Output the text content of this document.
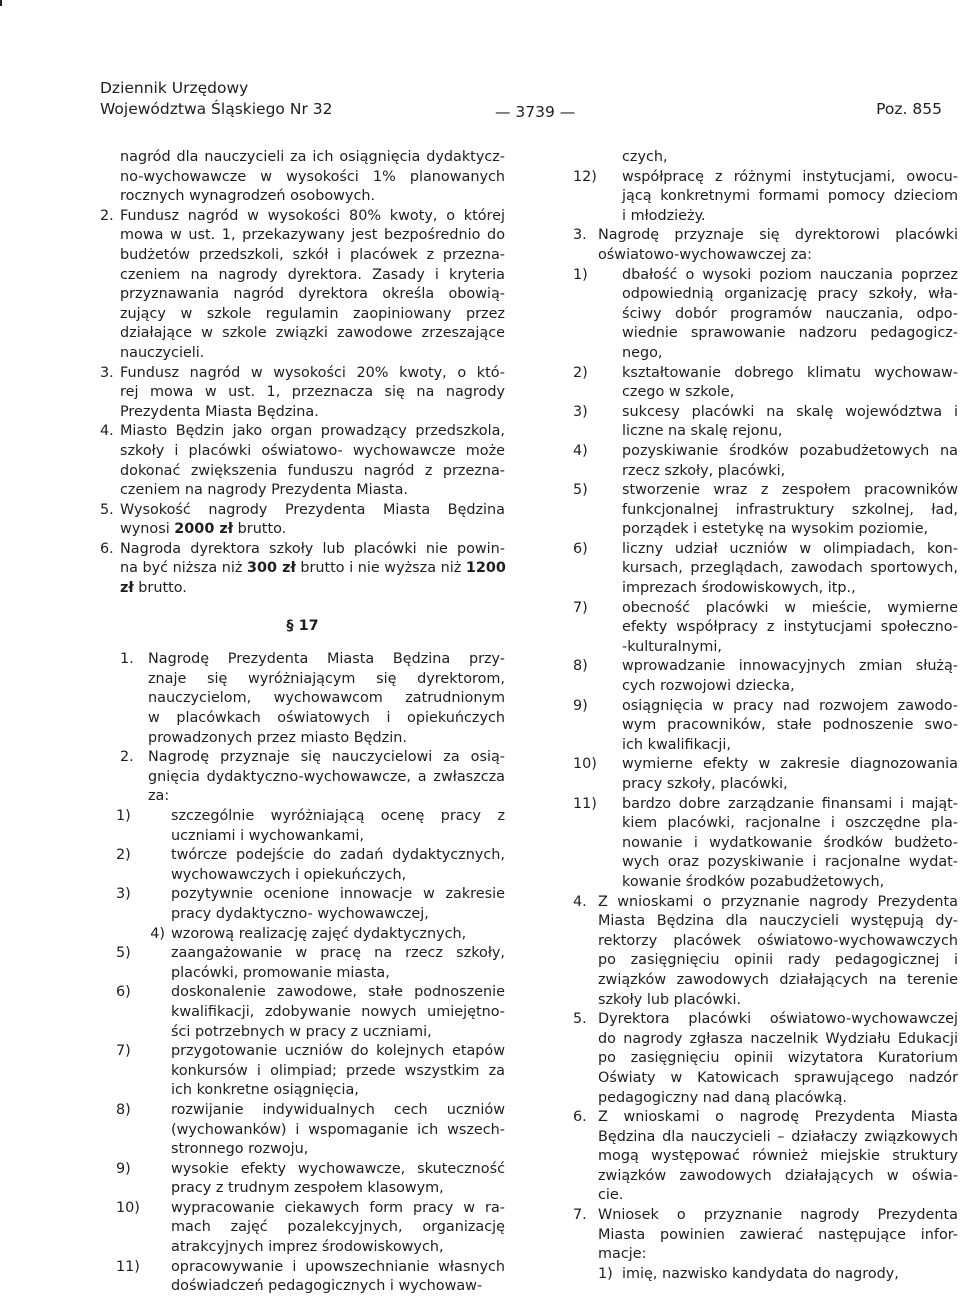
Dziennik Urzędowy
Województwa Śląskiego Nr 32	— 3739 —	Poz. 855
nagród dla nauczycieli za ich osiągnięcia dydaktycz-
no-wychowawcze w wysokości 1% planowanych
rocznych wynagrodzeń osobowych.
2. Fundusz nagród w wysokości 80% kwoty, o której
mowa w ust. 1, przekazywany jest bezpośrednio do
budżetów przedszkoli, szkół i placówek z przezna-
czeniem na nagrody dyrektora. Zasady i kryteria
przyznawania nagród dyrektora określa obowią-
zujący w szkole regulamin zaopiniowany przez
działające w szkole związki zawodowe zrzeszające
nauczycieli.
3. Fundusz nagród w wysokości 20% kwoty, o któ-
rej mowa w ust. 1, przeznacza się na nagrody
Prezydenta Miasta Będzina.
4. Miasto Będzin jako organ prowadzący przedszkola,
szkoły i placówki oświatowo- wychowawcze może
dokonać zwiększenia funduszu nagród z przezna-
czeniem na nagrody Prezydenta Miasta.
5. Wysokość nagrody Prezydenta Miasta Będzina
wynosi 2000 zł brutto.
6. Nagroda dyrektora szkoły lub placówki nie powin-
na być niższa niż 300 zł brutto i nie wyższa niż 1200
zł brutto.
§ 17
1. Nagrodę Prezydenta Miasta Będzina przy-
znaje się wyróżniającym się dyrektorom,
nauczycielom, wychowawcom zatrudnionym
w placówkach oświatowych i opiekuńczych
prowadzonych przez miasto Będzin.
2. Nagrodę przyznaje się nauczycielowi za osią-
gnięcia dydaktyczno-wychowawcze, a zwłaszcza
za:
1)	szczególnie wyróżniającą ocenę pracy z
uczniami i wychowankami,
2)	twórcze podejście do zadań dydaktycznych,
wychowawczych i opiekuńczych,
3)	pozytywnie ocenione innowacje w zakresie
pracy dydaktyczno- wychowawczej,
4) wzorową realizację zajęć dydaktycznych,
5)	zaangażowanie w pracę na rzecz szkoły,
placówki, promowanie miasta,
6)	doskonalenie zawodowe, stałe podnoszenie
kwalifikacji, zdobywanie nowych umiejętno-
ści potrzebnych w pracy z uczniami,
7)	przygotowanie uczniów do kolejnych etapów
konkursów i olimpiad; przede wszystkim za
ich konkretne osiągnięcia,
8)	rozwijanie indywidualnych cech uczniów
(wychowanków) i wspomaganie ich wszech-
stronnego rozwoju,
9)	wysokie efekty wychowawcze, skuteczność
pracy z trudnym zespołem klasowym,
10) wypracowanie ciekawych form pracy w ra-
mach zajęć pozalekcyjnych, organizację
atrakcyjnych imprez środowiskowych,
11) opracowywanie i upowszechnianie własnych
doświadczeń pedagogicznych i wychowaw-
czych,
12) współpracę z różnymi instytucjami, owocu-
jącą konkretnymi formami pomocy dzieciom
i młodzieży.
3. Nagrodę przyznaje się dyrektorowi placówki
oświatowo-wychowawczej za:
1) dbałość o wysoki poziom nauczania poprzez
odpowiednią organizację pracy szkoły, wła-
ściwy dobór programów nauczania, odpo-
wiednie sprawowanie nadzoru pedagogicz-
nego,
2) kształtowanie dobrego klimatu wychowaw-
czego w szkole,
3) sukcesy placówki na skalę województwa i
liczne na skalę rejonu,
4) pozyskiwanie środków pozabudżetowych na
rzecz szkoły, placówki,
5) stworzenie wraz z zespołem pracowników
funkcjonalnej infrastruktury szkolnej, ład,
porządek i estetykę na wysokim poziomie,
6) liczny udział uczniów w olimpiadach, kon-
kursach, przeglądach, zawodach sportowych,
imprezach środowiskowych, itp.,
7) obecność placówki w mieście, wymierne
efekty współpracy z instytucjami społeczno-
-kulturalnymi,
8) wprowadzanie innowacyjnych zmian służą-
cych rozwojowi dziecka,
9) osiągnięcia w pracy nad rozwojem zawodo-
wym pracowników, stałe podnoszenie swo-
ich kwalifikacji,
10) wymierne efekty w zakresie diagnozowania
pracy szkoły, placówki,
11) bardzo dobre zarządzanie finansami i mająt-
kiem placówki, racjonalne i oszczędne pla-
nowanie i wydatkowanie środków budżeto-
wych oraz pozyskiwanie i racjonalne wydat-
kowanie środków pozabudżetowych,
4. Z wnioskami o przyznanie nagrody Prezydenta
Miasta Będzina dla nauczycieli występują dy-
rektorzy placówek oświatowo-wychowawczych
po zasięgnięciu opinii rady pedagogicznej i
związków zawodowych działających na terenie
szkoły lub placówki.
5. Dyrektora placówki oświatowo-wychowawczej
do nagrody zgłasza naczelnik Wydziału Edukacji
po zasięgnięciu opinii wizytatora Kuratorium
Oświaty w Katowicach sprawującego nadzór
pedagogiczny nad daną placówką.
6. Z wnioskami o nagrodę Prezydenta Miasta
Będzina dla nauczycieli – działaczy związkowych
mogą występować również miejskie struktury
związków zawodowych działających w oświa-
cie.
7. Wniosek o przyznanie nagrody Prezydenta
Miasta powinien zawierać następujące infor-
macje:
1) imię, nazwisko kandydata do nagrody,
